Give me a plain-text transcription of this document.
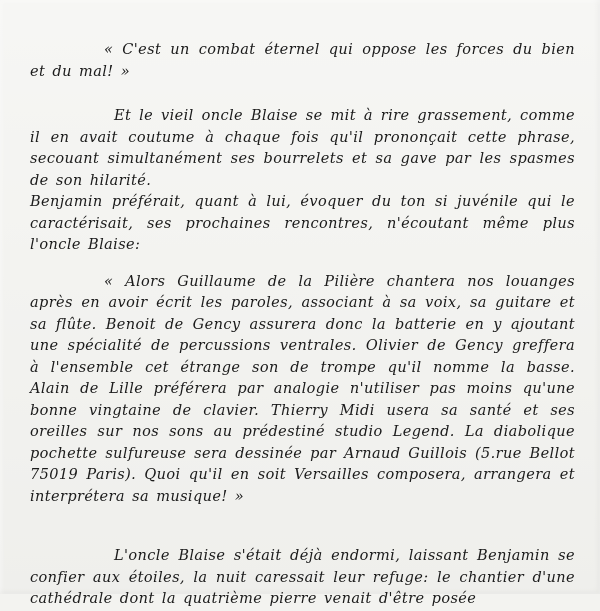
« C'est un combat éternel qui oppose les forces du bien et du mal! »

Et le vieil oncle Blaise se mit à rire grassement, comme il en avait coutume à chaque fois qu'il prononçait cette phrase, secouant simultanément ses bourrelets et sa gave par les spasmes de son hilarité.

Benjamin préférait, quant à lui, évoquer du ton si juvénile qui le caractérisait, ses prochaines rencontres, n'écoutant même plus l'oncle Blaise:

« Alors Guillaume de la Pilière chantera nos louanges après en avoir écrit les paroles, associant à sa voix, sa guitare et sa flûte. Benoit de Gency assurera donc la batterie en y ajoutant une spécialité de percussions ventrales. Olivier de Gency greffera à l'ensemble cet étrange son de trompe qu'il nomme la basse. Alain de Lille préférera par analogie n'utiliser pas moins qu'une bonne vingtaine de clavier. Thierry Midi usera sa santé et ses oreilles sur nos sons au prédestiné studio Legend. La diabolique pochette sulfureuse sera dessinée par Arnaud Guillois (5.rue Bellot 75019 Paris). Quoi qu'il en soit Versailles composera, arrangera et interprétera sa musique! »

L'oncle Blaise s'était déjà endormi, laissant Benjamin se confier aux étoiles, la nuit caressait leur refuge: le chantier d'une cathédrale dont la quatrième pierre venait d'être posée
